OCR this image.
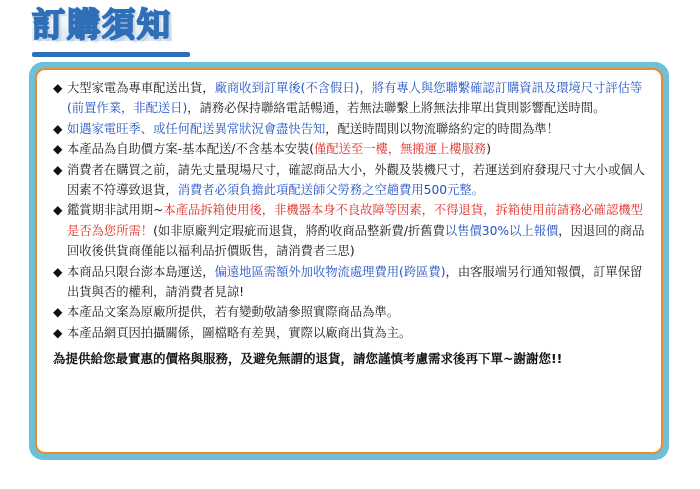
訂購須知

◆ 大型家電為專車配送出貨，廠商收到訂單後(不含假日)，將有專人與您聯繫確認訂購資訊及環境尺寸評估等(前置作業，非配送日)，請務必保持聯絡電話暢通，若無法聯繫上將無法排單出貨則影響配送時間。

◆ 如遇家電旺季、或任何配送異常狀況會盡快告知，配送時間則以物流聯絡約定的時間為準！

◆ 本產品為自助價方案-基本配送/不含基本安裝(僅配送至一樓，無搬運上樓服務)

◆ 消費者在購買之前，請先丈量現場尺寸，確認商品大小，外觀及裝機尺寸，若運送到府發現尺寸大小或個人因素不符導致退貨，消費者必須負擔此項配送師父勞務之空趟費用500元整。

◆ 鑑賞期非試用期~本產品拆箱使用後，非機器本身不良故障等因素，不得退貨，拆箱使用前請務必確認機型是否為您所需！(如非原廠判定瑕疵而退貨，將酌收商品整新費/折舊費以售價30%以上報價，因退回的商品回收後供貨商僅能以福利品折價販售，請消費者三思)

◆ 本商品只限台澎本島運送，偏遠地區需額外加收物流處理費用(跨區費)，由客服端另行通知報價，訂單保留出貨與否的權利，請消費者見諒!

◆ 本產品文案為原廠所提供，若有變動敬請參照實際商品為準。

◆ 本產品網頁因拍攝關係，圖檔略有差異，實際以廠商出貨為主。

為提供給您最實惠的價格與服務，及避免無謂的退貨，請您謹慎考慮需求後再下單~謝謝您!!
